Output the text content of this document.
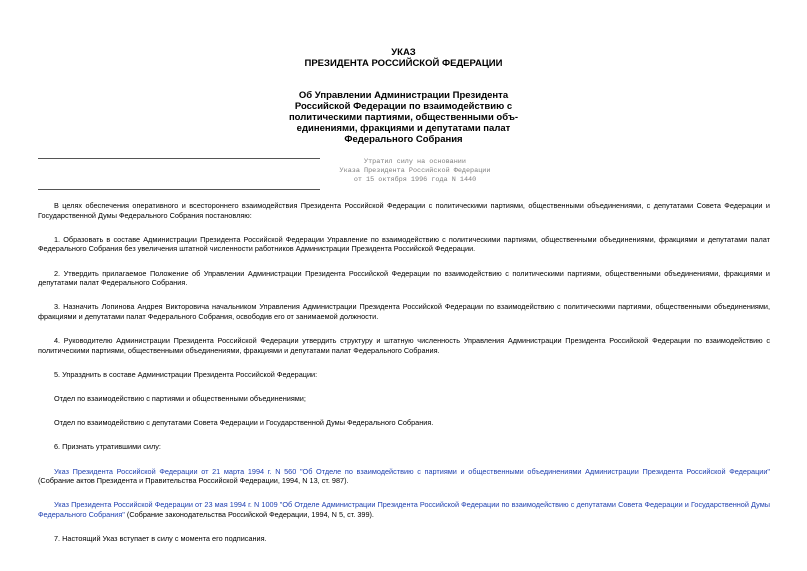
УКАЗ
ПРЕЗИДЕНТА РОССИЙСКОЙ ФЕДЕРАЦИИ
Об Управлении Администрации Президента
Российской Федерации по взаимодействию с
политическими партиями, общественными объ-
единениями, фракциями и депутатами палат
Федерального Собрания
Утратил силу на основании
Указа Президента Российской Федерации
от 15 октября 1996 года N 1440

В целях обеспечения оперативного и всестороннего взаимодействия Президента Российской Федерации с политическими партиями, общественными объединениями, с депутатами Совета Федерации и Государственной Думы Федерального Собрания постановляю:

1. Образовать в составе Администрации Президента Российской Федерации Управление по взаимодействию с политическими партиями, общественными объединениями, фракциями и депутатами палат Федерального Собрания без увеличения штатной численности работников Администрации Президента Российской Федерации.

2. Утвердить прилагаемое Положение об Управлении Администрации Президента Российской Федерации по взаимодействию с политическими партиями, общественными объединениями, фракциями и депутатами палат Федерального Собрания.

3. Назначить Лопинова Андрея Викторовича начальником Управления Администрации Президента Российской Федерации по взаимодействию с политическими партиями, общественными объединениями, фракциями и депутатами палат Федерального Собрания, освободив его от занимаемой должности.

4. Руководителю Администрации Президента Российской Федерации утвердить структуру и штатную численность Управления Администрации Президента Российской Федерации по взаимодействию с политическими партиями, общественными объединениями, фракциями и депутатами палат Федерального Собрания.

5. Упразднить в составе Администрации Президента Российской Федерации:

Отдел по взаимодействию с партиями и общественными объединениями;

Отдел по взаимодействию с депутатами Совета Федерации и Государственной Думы Федерального Собрания.

6. Признать утратившими силу:

Указ Президента Российской Федерации от 21 марта 1994 г. N 560 "Об Отделе по взаимодействию с партиями и общественными объединениями Администрации Президента Российской Федерации" (Собрание актов Президента и Правительства Российской Федерации, 1994, N 13, ст. 987).

Указ Президента Российской Федерации от 23 мая 1994 г. N 1009 "Об Отделе Администрации Президента Российской Федерации по взаимодействию с депутатами Совета Федерации и Государственной Думы Федерального Собрания" (Собрание законодательства Российской Федерации, 1994, N 5, ст. 399).

7. Настоящий Указ вступает в силу с момента его подписания.
